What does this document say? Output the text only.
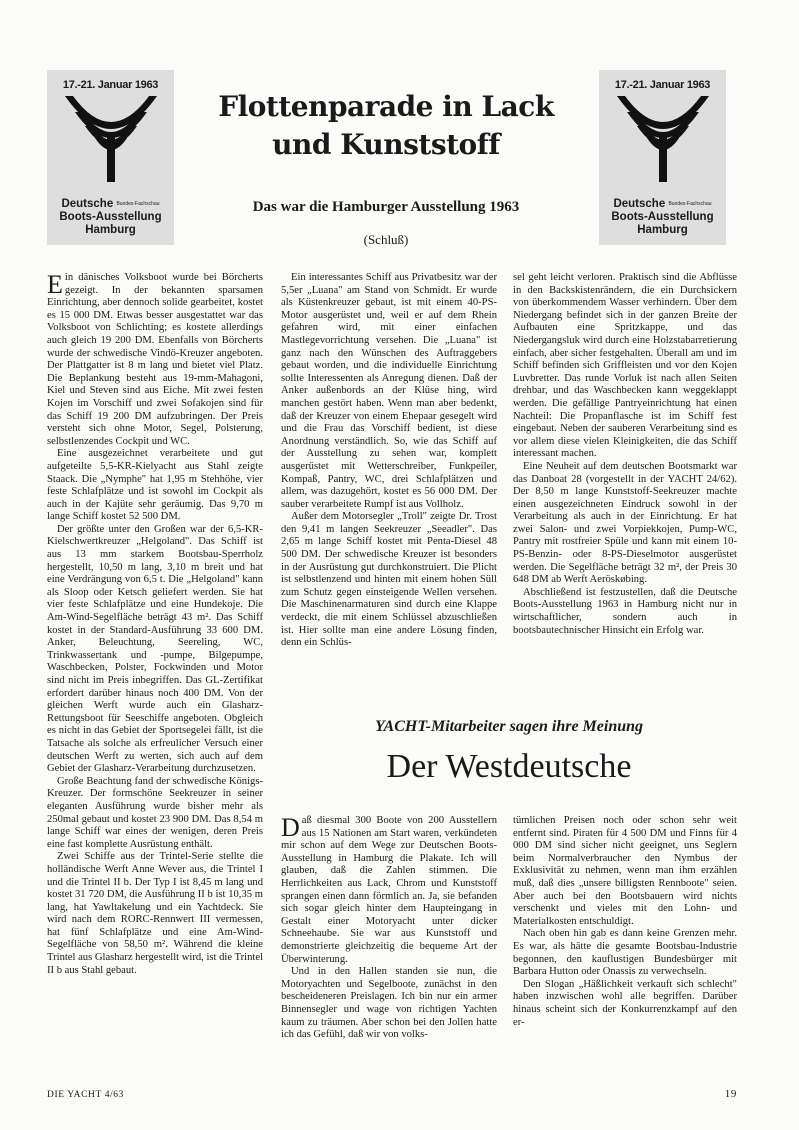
17.-21. Januar 1963
Deutsche $^{Bundes-Fachschau}$
Boots-Ausstellung
Hamburg
17.-21. Januar 1963
Deutsche $^{Bundes-Fachschau}$
Boots-Ausstellung
Hamburg
Flottenparade in Lack und Kunststoff
Das war die Hamburger Ausstellung 1963
(Schluß)

Ein dänisches Volksboot wurde bei Börcherts gezeigt. In der bekannten sparsamen Einrichtung, aber dennoch solide gearbeitet, kostet es 15 000 DM. Etwas besser ausgestattet war das Volksboot von Schlichting; es kostete allerdings auch gleich 19 200 DM. Ebenfalls von Börcherts wurde der schwedische Vindö-Kreuzer angeboten. Der Plattgatter ist 8 m lang und bietet viel Platz. Die Beplankung besteht aus 19-mm-Mahagoni, Kiel und Steven sind aus Eiche. Mit zwei festen Kojen im Vorschiff und zwei Sofakojen sind für das Schiff 19 200 DM aufzubringen. Der Preis versteht sich ohne Motor, Segel, Polsterung, selbstlenzendes Cockpit und WC.

Eine ausgezeichnet verarbeitete und gut aufgeteilte 5,5-KR-Kielyacht aus Stahl zeigte Staack. Die „Nymphe" hat 1,95 m Stehhöhe, vier feste Schlafplätze und ist sowohl im Cockpit als auch in der Kajüte sehr geräumig. Das 9,70 m lange Schiff kostet 52 500 DM.

Der größte unter den Großen war der 6,5-KR-Kielschwertkreuzer „Helgoland". Das Schiff ist aus 13 mm starkem Bootsbau-Sperrholz hergestellt, 10,50 m lang, 3,10 m breit und hat eine Verdrängung von 6,5 t. Die „Helgoland" kann als Sloop oder Ketsch geliefert werden. Sie hat vier feste Schlafplätze und eine Hundekoje. Die Am-Wind-Segelfläche beträgt 43 m². Das Schiff kostet in der Standard-Ausführung 33 600 DM. Anker, Beleuchtung, Seereling, WC, Trinkwassertank und -pumpe, Bilgepumpe, Waschbecken, Polster, Fockwinden und Motor sind nicht im Preis inbegriffen. Das GL-Zertifikat erfordert darüber hinaus noch 400 DM. Von der gleichen Werft wurde auch ein Glasharz-Rettungsboot für Seeschiffe angeboten. Obgleich es nicht in das Gebiet der Sportsegelei fällt, ist die Tatsache als solche als erfreulicher Versuch einer deutschen Werft zu werten, sich auch auf dem Gebiet der Glasharz-Verarbeitung durchzusetzen.

Große Beachtung fand der schwedische Königs-Kreuzer. Der formschöne Seekreuzer in seiner eleganten Ausführung wurde bisher mehr als 250mal gebaut und kostet 23 900 DM. Das 8,54 m lange Schiff war eines der wenigen, deren Preis eine fast komplette Ausrüstung enthält.

Zwei Schiffe aus der Trintel-Serie stellte die holländische Werft Anne Wever aus, die Trintel I und die Trintel II b. Der Typ I ist 8,45 m lang und kostet 31 720 DM, die Ausführung II b ist 10,35 m lang, hat Yawltakelung und ein Yachtdeck. Sie wird nach dem RORC-Rennwert III vermessen, hat fünf Schlafplätze und eine Am-Wind-Segelfläche von 58,50 m². Während die kleine Trintel aus Glasharz hergestellt wird, ist die Trintel II b aus Stahl gebaut.

Ein interessantes Schiff aus Privatbesitz war der 5,5er „Luana" am Stand von Schmidt. Er wurde als Küstenkreuzer gebaut, ist mit einem 40-PS-Motor ausgerüstet und, weil er auf dem Rhein gefahren wird, mit einer einfachen Mastlegevorrichtung versehen. Die „Luana" ist ganz nach den Wünschen des Auftraggebers gebaut worden, und die individuelle Einrichtung sollte Interessenten als Anregung dienen. Daß der Anker außenbords an der Klüse hing, wird manchen gestört haben. Wenn man aber bedenkt, daß der Kreuzer von einem Ehepaar gesegelt wird und die Frau das Vorschiff bedient, ist diese Anordnung verständlich. So, wie das Schiff auf der Ausstellung zu sehen war, komplett ausgerüstet mit Wetterschreiber, Funkpeiler, Kompaß, Pantry, WC, drei Schlafplätzen und allem, was dazugehört, kostet es 56 000 DM. Der sauber verarbeitete Rumpf ist aus Vollholz.

Außer dem Motorsegler „Troll" zeigte Dr. Trost den 9,41 m langen Seekreuzer „Seeadler". Das 2,65 m lange Schiff kostet mit Penta-Diesel 48 500 DM. Der schwedische Kreuzer ist besonders in der Ausrüstung gut durchkonstruiert. Die Plicht ist selbstlenzend und hinten mit einem hohen Süll zum Schutz gegen einsteigende Wellen versehen. Die Maschinenarmaturen sind durch eine Klappe verdeckt, die mit einem Schlüssel abzuschließen ist. Hier sollte man eine andere Lösung finden, denn ein Schlüs-

sel geht leicht verloren. Praktisch sind die Abflüsse in den Backskistenrändern, die ein Durchsickern von überkommendem Wasser verhindern. Über dem Niedergang befindet sich in der ganzen Breite der Aufbauten eine Spritzkappe, und das Niedergangsluk wird durch eine Holzstabarretierung einfach, aber sicher festgehalten. Überall am und im Schiff befinden sich Griffleisten und vor den Kojen Luvbretter. Das runde Vorluk ist nach allen Seiten drehbar, und das Waschbecken kann weggeklappt werden. Die gefällige Pantryeinrichtung hat einen Nachteil: Die Propanflasche ist im Schiff fest eingebaut. Neben der sauberen Verarbeitung sind es vor allem diese vielen Kleinigkeiten, die das Schiff interessant machen.

Eine Neuheit auf dem deutschen Bootsmarkt war das Danboat 28 (vorgestellt in der YACHT 24/62). Der 8,50 m lange Kunststoff-Seekreuzer machte einen ausgezeichneten Eindruck sowohl in der Verarbeitung als auch in der Einrichtung. Er hat zwei Salon- und zwei Vorpiekkojen, Pump-WC, Pantry mit rostfreier Spüle und kann mit einem 10-PS-Benzin- oder 8-PS-Dieselmotor ausgerüstet werden. Die Segelfläche beträgt 32 m², der Preis 30 648 DM ab Werft Aeröskøbing.

Abschließend ist festzustellen, daß die Deutsche Boots-Ausstellung 1963 in Hamburg nicht nur in wirtschaftlicher, sondern auch in bootsbautechnischer Hinsicht ein Erfolg war.

YACHT-Mitarbeiter sagen ihre Meinung
Der Westdeutsche

Daß diesmal 300 Boote von 200 Ausstellern aus 15 Nationen am Start waren, verkündeten mir schon auf dem Wege zur Deutschen Boots-Ausstellung in Hamburg die Plakate. Ich will glauben, daß die Zahlen stimmen. Die Herrlichkeiten aus Lack, Chrom und Kunststoff sprangen einen dann förmlich an. Ja, sie befanden sich sogar gleich hinter dem Haupteingang in Gestalt einer Motoryacht unter dicker Schneehaube. Sie war aus Kunststoff und demonstrierte gleichzeitig die bequeme Art der Überwinterung.

Und in den Hallen standen sie nun, die Motoryachten und Segelboote, zunächst in den bescheideneren Preislagen. Ich bin nur ein armer Binnensegler und wage von richtigen Yachten kaum zu träumen. Aber schon bei den Jollen hatte ich das Gefühl, daß wir von volks-

tümlichen Preisen noch oder schon sehr weit entfernt sind. Piraten für 4 500 DM und Finns für 4 000 DM sind sicher nicht geeignet, uns Seglern beim Normalverbraucher den Nymbus der Exklusivität zu nehmen, wenn man ihm erzählen muß, daß dies „unsere billigsten Rennboote" seien. Aber auch bei den Bootsbauern wird nichts verschenkt und vieles mit den Lohn- und Materialkosten entschuldigt.

Nach oben hin gab es dann keine Grenzen mehr. Es war, als hätte die gesamte Bootsbau-Industrie begonnen, den kauflustigen Bundesbürger mit Barbara Hutton oder Onassis zu verwechseln.

Den Slogan „Häßlichkeit verkauft sich schlecht" haben inzwischen wohl alle begriffen. Darüber hinaus scheint sich der Konkurrenzkampf auf den er-

DIE YACHT 4/63	19
